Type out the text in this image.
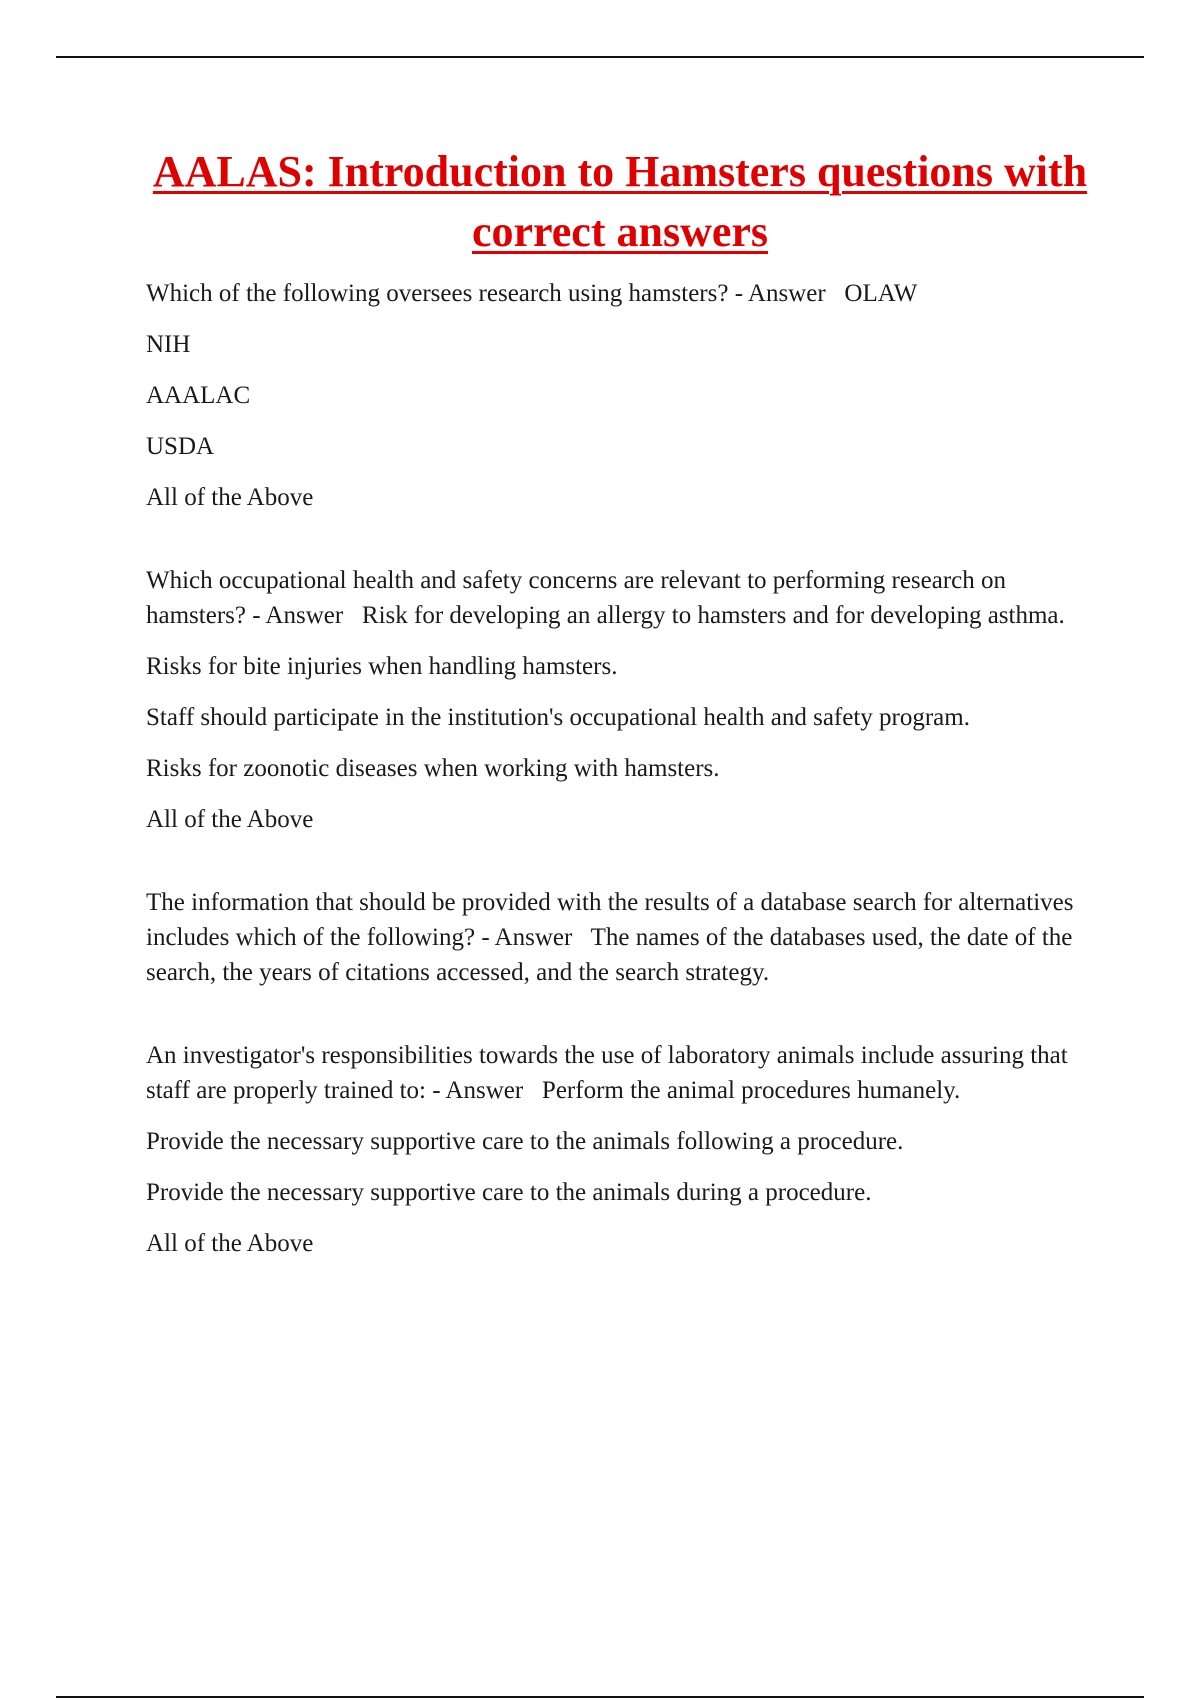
AALAS: Introduction to Hamsters questions with correct answers

Which of the following oversees research using hamsters? - Answer   OLAW

NIH

AAALAC

USDA

All of the Above

Which occupational health and safety concerns are relevant to performing research on hamsters? - Answer   Risk for developing an allergy to hamsters and for developing asthma.

Risks for bite injuries when handling hamsters.

Staff should participate in the institution's occupational health and safety program.

Risks for zoonotic diseases when working with hamsters.

All of the Above

The information that should be provided with the results of a database search for alternatives includes which of the following? - Answer   The names of the databases used, the date of the search, the years of citations accessed, and the search strategy.

An investigator's responsibilities towards the use of laboratory animals include assuring that staff are properly trained to: - Answer   Perform the animal procedures humanely.

Provide the necessary supportive care to the animals following a procedure.

Provide the necessary supportive care to the animals during a procedure.

All of the Above
